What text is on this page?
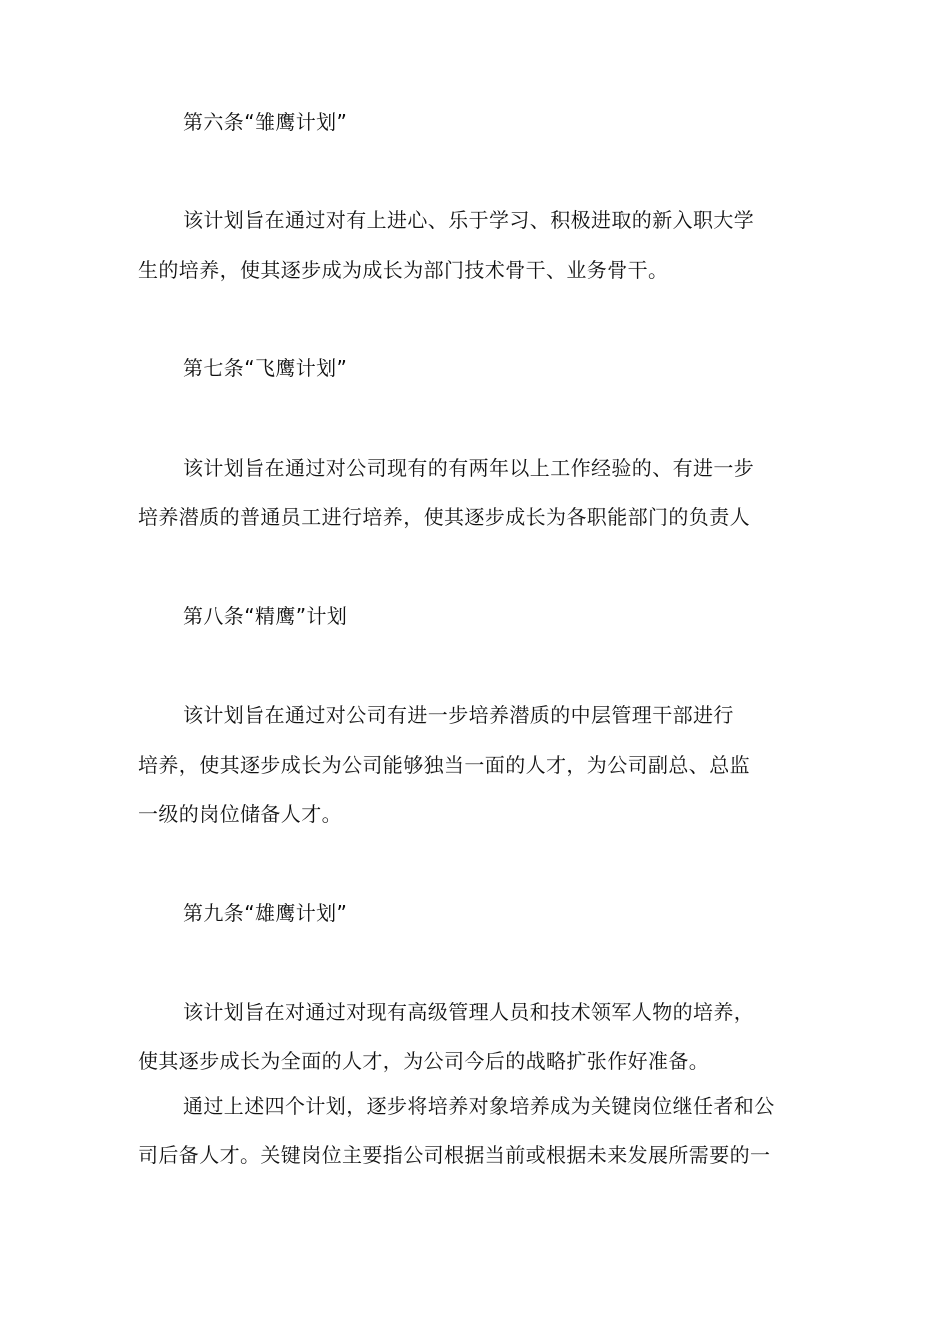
第六条“雏鹰计划”
该计划旨在通过对有上进心、乐于学习、积极进取的新入职大学
生的培养，使其逐步成为成长为部门技术骨干、业务骨干。
第七条“飞鹰计划”
该计划旨在通过对公司现有的有两年以上工作经验的、有进一步
培养潜质的普通员工进行培养，使其逐步成长为各职能部门的负责人
第八条“精鹰”计划
该计划旨在通过对公司有进一步培养潜质的中层管理干部进行
培养，使其逐步成长为公司能够独当一面的人才，为公司副总、总监
一级的岗位储备人才。
第九条“雄鹰计划”
该计划旨在对通过对现有高级管理人员和技术领军人物的培养，
使其逐步成长为全面的人才，为公司今后的战略扩张作好准备。
通过上述四个计划，逐步将培养对象培养成为关键岗位继任者和公
司后备人才。关键岗位主要指公司根据当前或根据未来发展所需要的一
